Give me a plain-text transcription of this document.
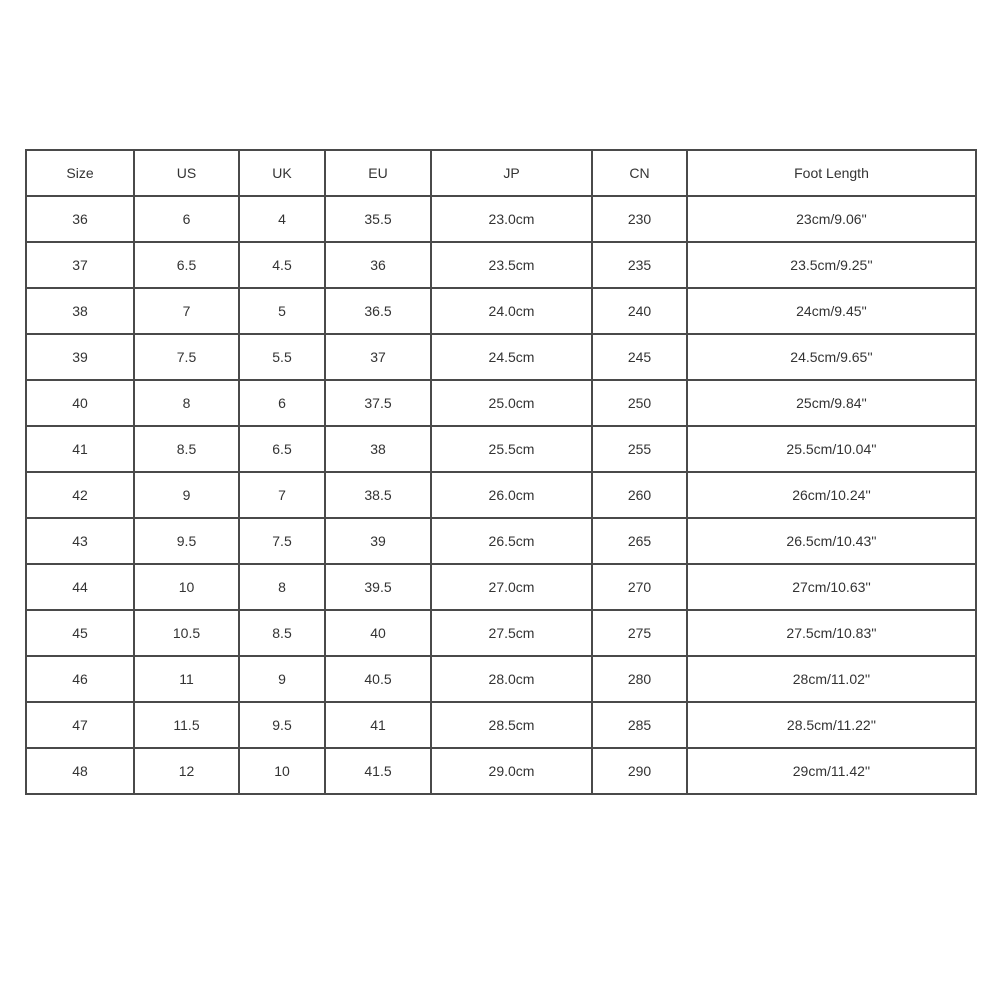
Size	US	UK	EU	JP	CN	Foot Length
36	6	4	35.5	23.0cm	230	23cm/9.06''
37	6.5	4.5	36	23.5cm	235	23.5cm/9.25''
38	7	5	36.5	24.0cm	240	24cm/9.45''
39	7.5	5.5	37	24.5cm	245	24.5cm/9.65''
40	8	6	37.5	25.0cm	250	25cm/9.84''
41	8.5	6.5	38	25.5cm	255	25.5cm/10.04''
42	9	7	38.5	26.0cm	260	26cm/10.24''
43	9.5	7.5	39	26.5cm	265	26.5cm/10.43''
44	10	8	39.5	27.0cm	270	27cm/10.63''
45	10.5	8.5	40	27.5cm	275	27.5cm/10.83''
46	11	9	40.5	28.0cm	280	28cm/11.02''
47	11.5	9.5	41	28.5cm	285	28.5cm/11.22''
48	12	10	41.5	29.0cm	290	29cm/11.42''
